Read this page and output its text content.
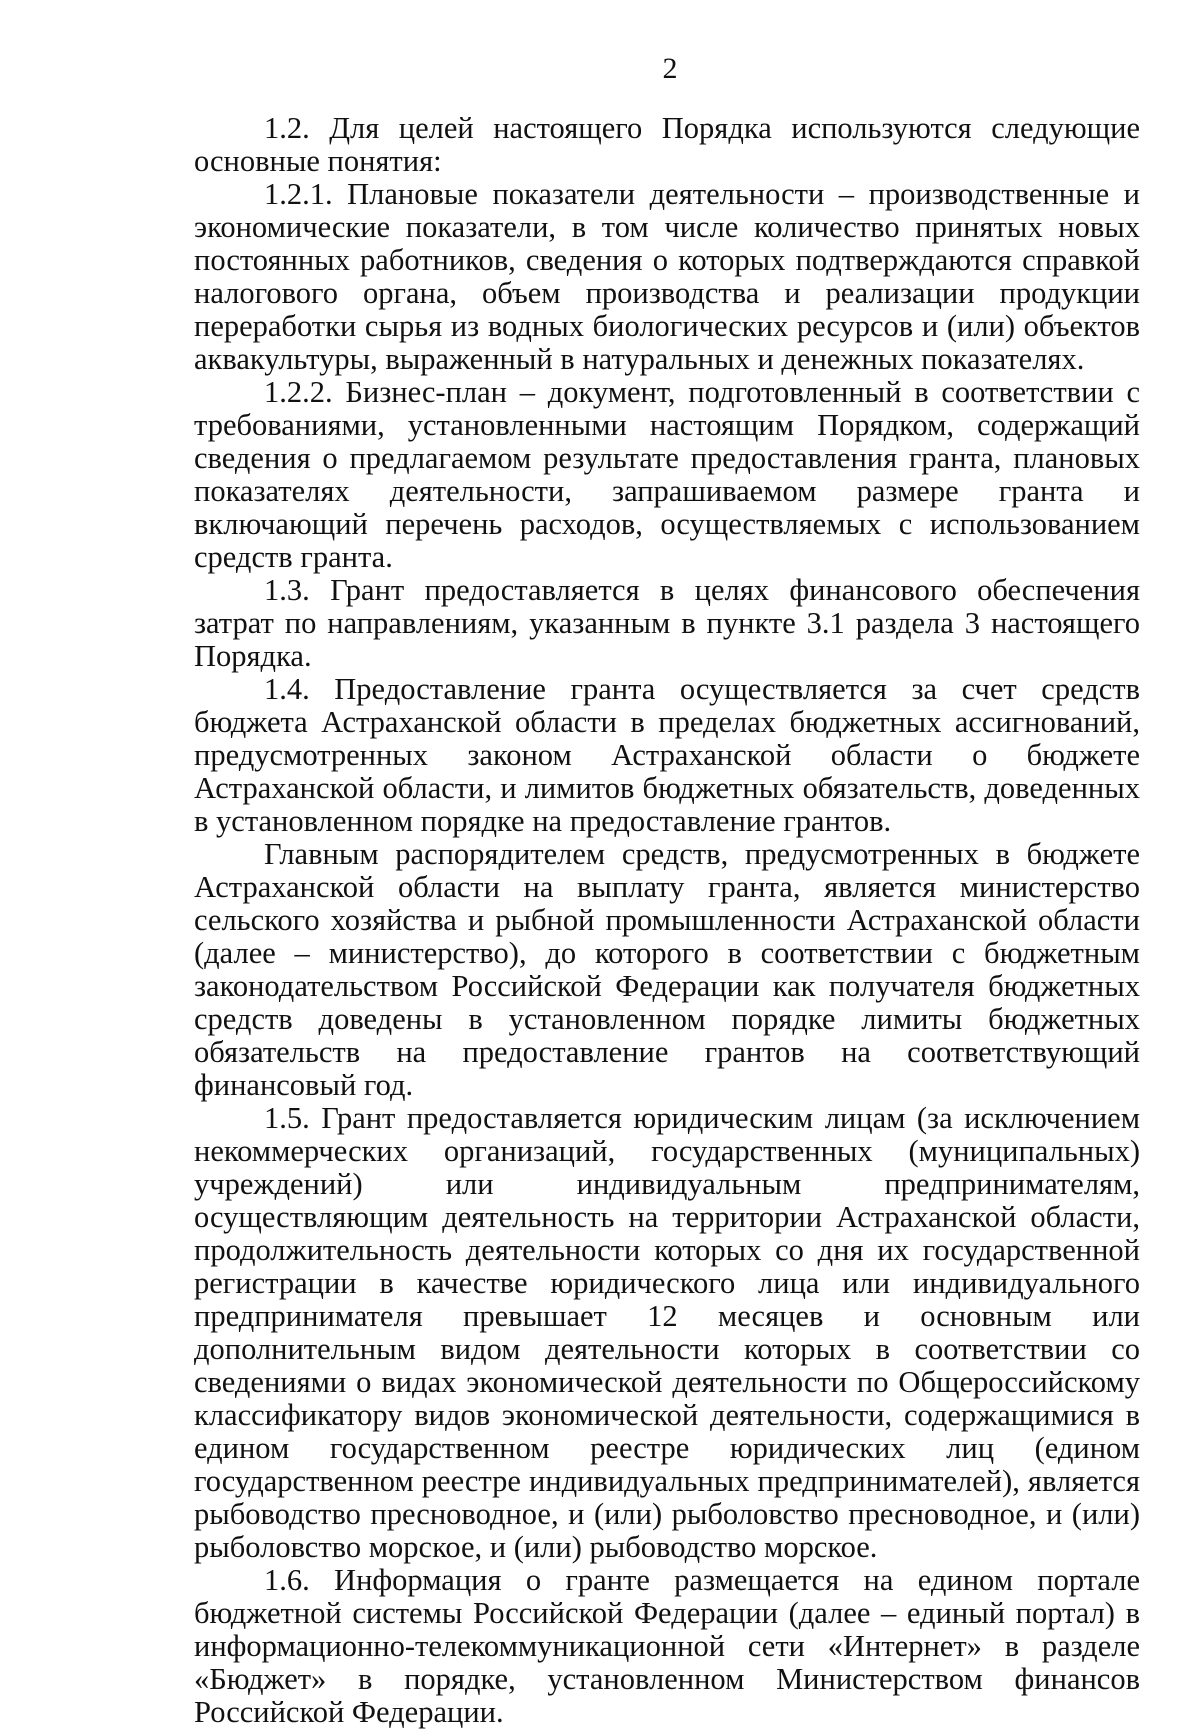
2

1.2. Для целей настоящего Порядка используются следующие основные понятия:

1.2.1. Плановые показатели деятельности – производственные и экономические показатели, в том числе количество принятых новых постоянных работников, сведения о которых подтверждаются справкой налогового органа, объем производства и реализации продукции переработки сырья из водных биологических ресурсов и (или) объектов аквакультуры, выраженный в натуральных и денежных показателях.

1.2.2. Бизнес-план – документ, подготовленный в соответствии с требованиями, установленными настоящим Порядком, содержащий сведения о предлагаемом результате предоставления гранта, плановых показателях деятельности, запрашиваемом размере гранта и включающий перечень расходов, осуществляемых с использованием средств гранта.

1.3. Грант предоставляется в целях финансового обеспечения затрат по направлениям, указанным в пункте 3.1 раздела 3 настоящего Порядка.

1.4. Предоставление гранта осуществляется за счет средств бюджета Астраханской области в пределах бюджетных ассигнований, предусмотренных законом Астраханской области о бюджете Астраханской области, и лимитов бюджетных обязательств, доведенных в установленном порядке на предоставление грантов.

Главным распорядителем средств, предусмотренных в бюджете Астраханской области на выплату гранта, является министерство сельского хозяйства и рыбной промышленности Астраханской области (далее – министерство), до которого в соответствии с бюджетным законодательством Российской Федерации как получателя бюджетных средств доведены в установленном порядке лимиты бюджетных обязательств на предоставление грантов на соответствующий финансовый год.

1.5. Грант предоставляется юридическим лицам (за исключением некоммерческих организаций, государственных (муниципальных) учреждений) или индивидуальным предпринимателям, осуществляющим деятельность на территории Астраханской области, продолжительность деятельности которых со дня их государственной регистрации в качестве юридического лица или индивидуального предпринимателя превышает 12 месяцев и основным или дополнительным видом деятельности которых в соответствии со сведениями о видах экономической деятельности по Общероссийскому классификатору видов экономической деятельности, содержащимися в едином государственном реестре юридических лиц (едином государственном реестре индивидуальных предпринимателей), является рыбоводство пресноводное, и (или) рыболовство пресноводное, и (или) рыболовство морское, и (или) рыбоводство морское.

1.6. Информация о гранте размещается на едином портале бюджетной системы Российской Федерации (далее – единый портал) в информационно-телекоммуникационной сети «Интернет» в разделе «Бюджет» в порядке, установленном Министерством финансов Российской Федерации.
